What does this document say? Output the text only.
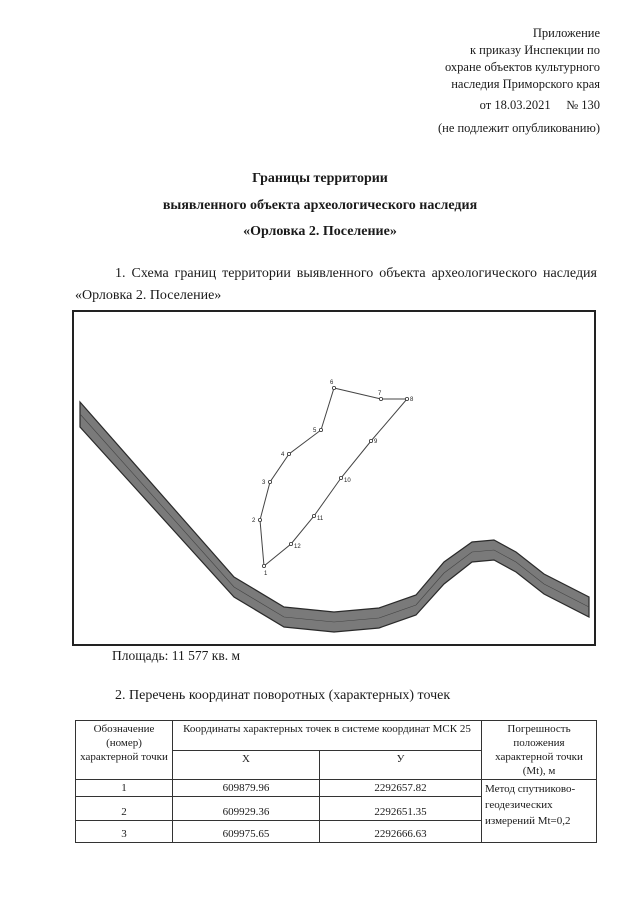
Приложение
к приказу Инспекции по
охране объектов культурного
наследия Приморского края
от 18.03.2021     № 130
(не подлежит опубликованию)
Границы территории
выявленного объекта археологического наследия
«Орловка 2. Поселение»
1. Схема границ территории выявленного объекта археологического наследия «Орловка 2. Поселение»
1
2
3
4
5
6
7
8
9
10
11
12
Площадь: 11 577 кв. м
2. Перечень координат поворотных (характерных) точек
Обозначение (номер) характерной точки	Координаты характерных точек в системе координат МСК 25		Погрешность положения характерной точки (Mt), м
	X	У	
1	609879.96	2292657.82	Метод спутниково-геодезических измерений Mt=0,2
2	609929.36	2292651.35	
3	609975.65	2292666.63	
